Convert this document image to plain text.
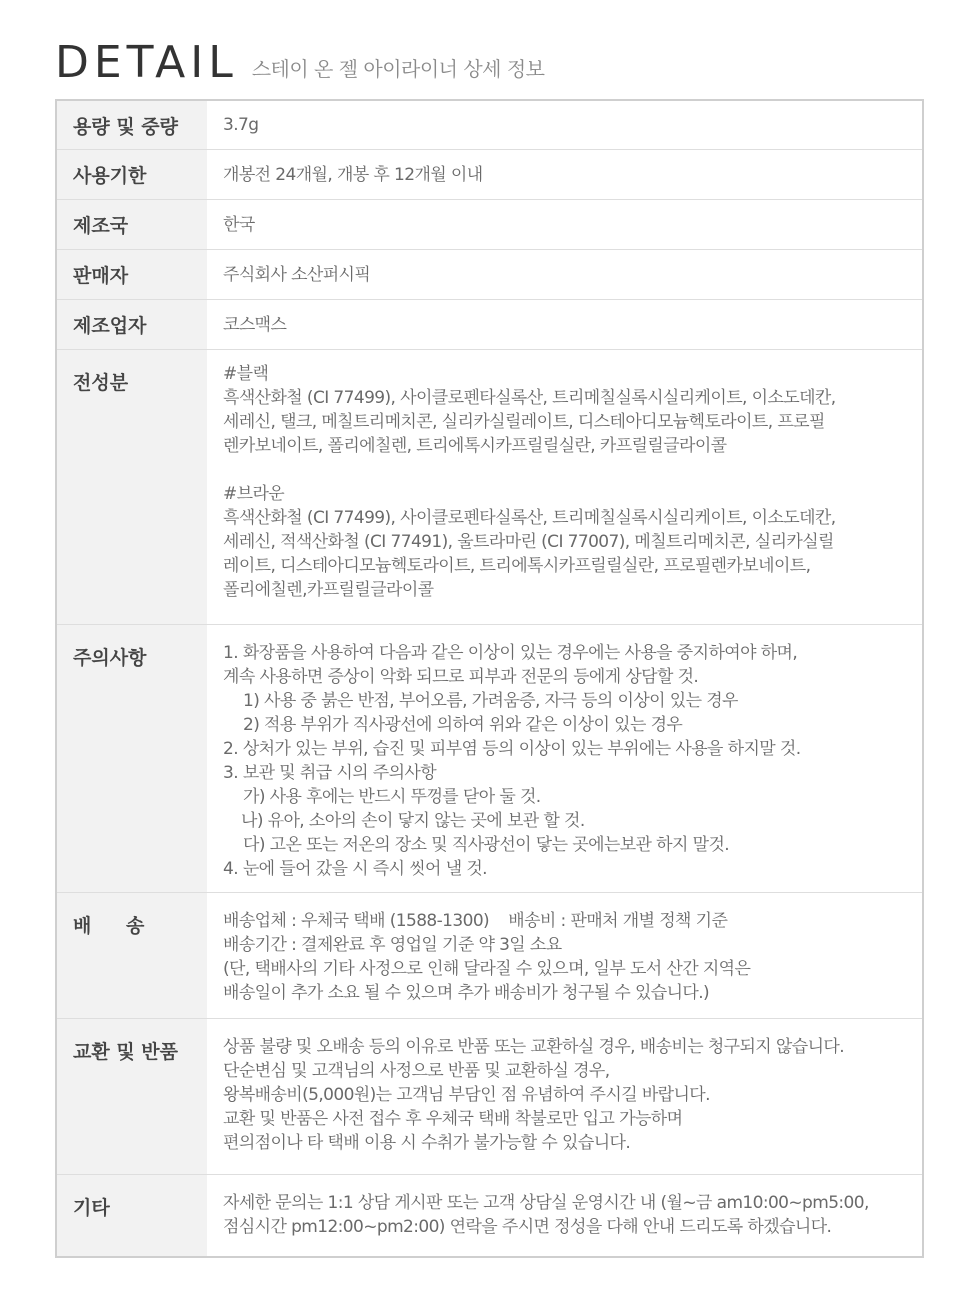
DETAIL 스테이 온 젤 아이라이너 상세 정보
용량 및 중량	3.7g
사용기한	개봉전 24개월, 개봉 후 12개월 이내
제조국	한국
판매자	주식회사 소산퍼시픽
제조업자	코스맥스
전성분	#블랙
흑색산화철 (CI 77499), 사이클로펜타실록산, 트리메칠실록시실리케이트, 이소도데칸,
세레신, 탤크, 메칠트리메치콘, 실리카실릴레이트, 디스테아디모늄헥토라이트, 프로필
렌카보네이트, 폴리에칠렌, 트리에톡시카프릴릴실란, 카프릴릴글라이콜
#브라운
흑색산화철 (CI 77499), 사이클로펜타실록산, 트리메칠실록시실리케이트, 이소도데칸,
세레신, 적색산화철 (CI 77491), 울트라마린 (CI 77007), 메칠트리메치콘, 실리카실릴
레이트, 디스테아디모늄헥토라이트, 트리에톡시카프릴릴실란, 프로필렌카보네이트,
폴리에칠렌,카프릴릴글라이콜
주의사항	1. 화장품을 사용하여 다음과 같은 이상이 있는 경우에는 사용을 중지하여야 하며,
계속 사용하면 증상이 악화 되므로 피부과 전문의 등에게 상담할 것.
1) 사용 중 붉은 반점, 부어오름, 가려움증, 자극 등의 이상이 있는 경우
2) 적용 부위가 직사광선에 의하여 위와 같은 이상이 있는 경우
2. 상처가 있는 부위, 습진 및 피부염 등의 이상이 있는 부위에는 사용을 하지말 것.
3. 보관 및 취급 시의 주의사항
가) 사용 후에는 반드시 뚜껑를 닫아 둘 것.
나) 유아, 소아의 손이 닿지 않는 곳에 보관 할 것.
다) 고온 또는 저온의 장소 및 직사광선이 닿는 곳에는보관 하지 말것.
4. 눈에 들어 갔을 시 즉시 씻어 낼 것.
배 송	배송업체 : 우체국 택배 (1588-1300)    배송비 : 판매처 개별 정책 기준
배송기간 : 결제완료 후 영업일 기준 약 3일 소요
(단, 택배사의 기타 사정으로 인해 달라질 수 있으며, 일부 도서 산간 지역은
배송일이 추가 소요 될 수 있으며 추가 배송비가 청구될 수 있습니다.)
교환 및 반품	상품 불량 및 오배송 등의 이유로 반품 또는 교환하실 경우, 배송비는 청구되지 않습니다.
단순변심 및 고객님의 사정으로 반품 및 교환하실 경우,
왕복배송비(5,000원)는 고객님 부담인 점 유념하여 주시길 바랍니다.
교환 및 반품은 사전 접수 후 우체국 택배 착불로만 입고 가능하며
편의점이나 타 택배 이용 시 수취가 불가능할 수 있습니다.
기타	자세한 문의는 1:1 상담 게시판 또는 고객 상담실 운영시간 내 (월~금 am10:00~pm5:00,
점심시간 pm12:00~pm2:00) 연락을 주시면 정성을 다해 안내 드리도록 하겠습니다.
